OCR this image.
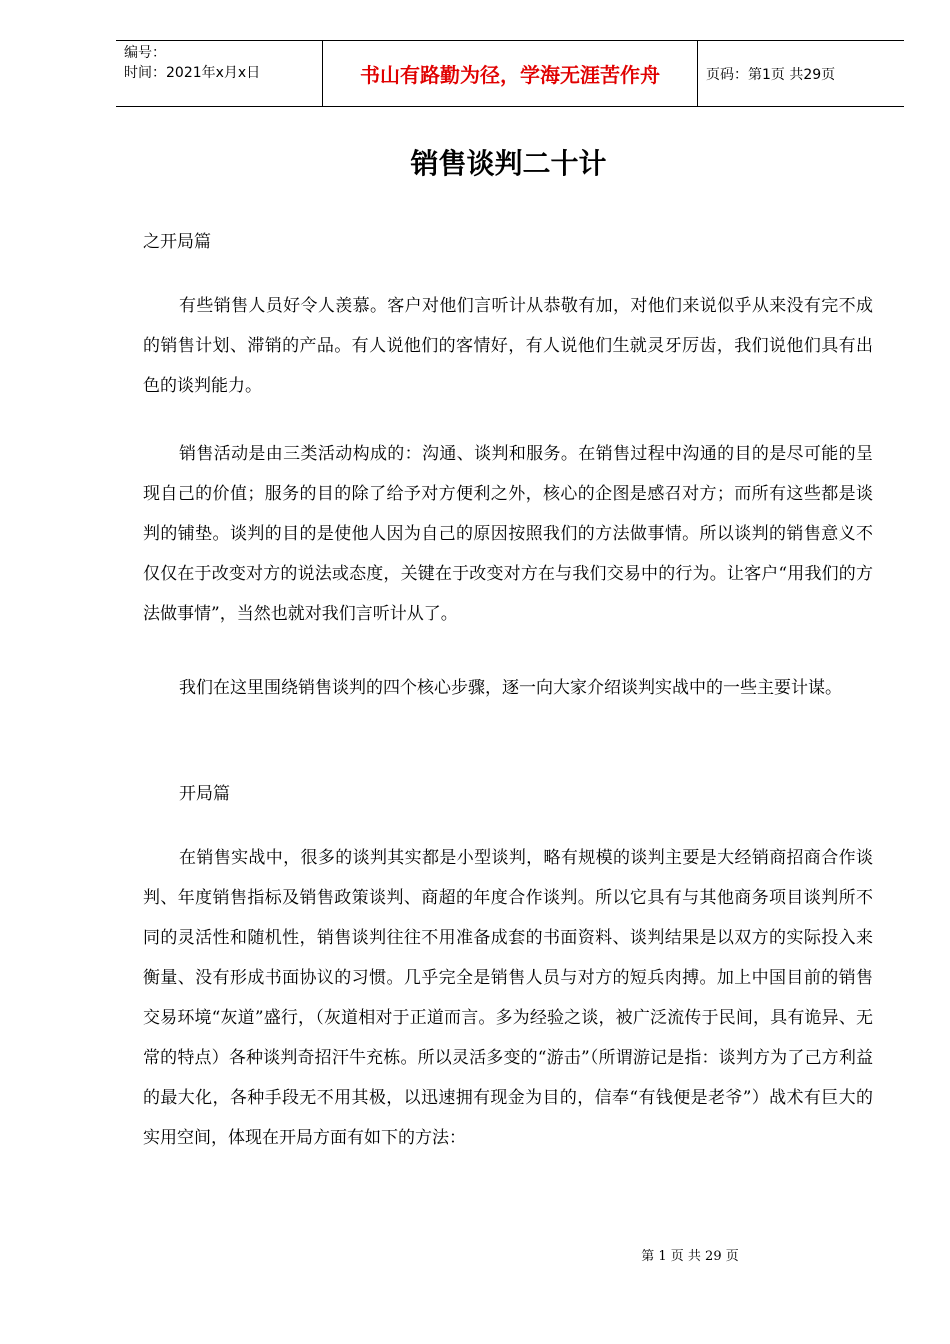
编号：
时间：2021年x月x日	书山有路勤为径，学海无涯苦作舟	页码：第1页 共29页
销售谈判二十计

之开局篇

有些销售人员好令人羡慕。客户对他们言听计从恭敬有加，对他们来说似乎从来没有完不成的销售计划、滞销的产品。有人说他们的客情好，有人说他们生就灵牙厉齿，我们说他们具有出色的谈判能力。

销售活动是由三类活动构成的：沟通、谈判和服务。在销售过程中沟通的目的是尽可能的呈现自己的价值；服务的目的除了给予对方便利之外，核心的企图是感召对方；而所有这些都是谈判的铺垫。谈判的目的是使他人因为自己的原因按照我们的方法做事情。所以谈判的销售意义不仅仅在于改变对方的说法或态度，关键在于改变对方在与我们交易中的行为。让客户“用我们的方法做事情”，当然也就对我们言听计从了。

我们在这里围绕销售谈判的四个核心步骤，逐一向大家介绍谈判实战中的一些主要计谋。

开局篇

在销售实战中，很多的谈判其实都是小型谈判，略有规模的谈判主要是大经销商招商合作谈判、年度销售指标及销售政策谈判、商超的年度合作谈判。所以它具有与其他商务项目谈判所不同的灵活性和随机性，销售谈判往往不用准备成套的书面资料、谈判结果是以双方的实际投入来衡量、没有形成书面协议的习惯。几乎完全是销售人员与对方的短兵肉搏。加上中国目前的销售交易环境“灰道”盛行，（灰道相对于正道而言。多为经验之谈，被广泛流传于民间，具有诡异、无常的特点）各种谈判奇招汗牛充栋。所以灵活多变的“游击”（所谓游记是指：谈判方为了己方利益的最大化，各种手段无不用其极，以迅速拥有现金为目的，信奉“有钱便是老爷”）战术有巨大的实用空间，体现在开局方面有如下的方法：

第 1 页 共 29 页
